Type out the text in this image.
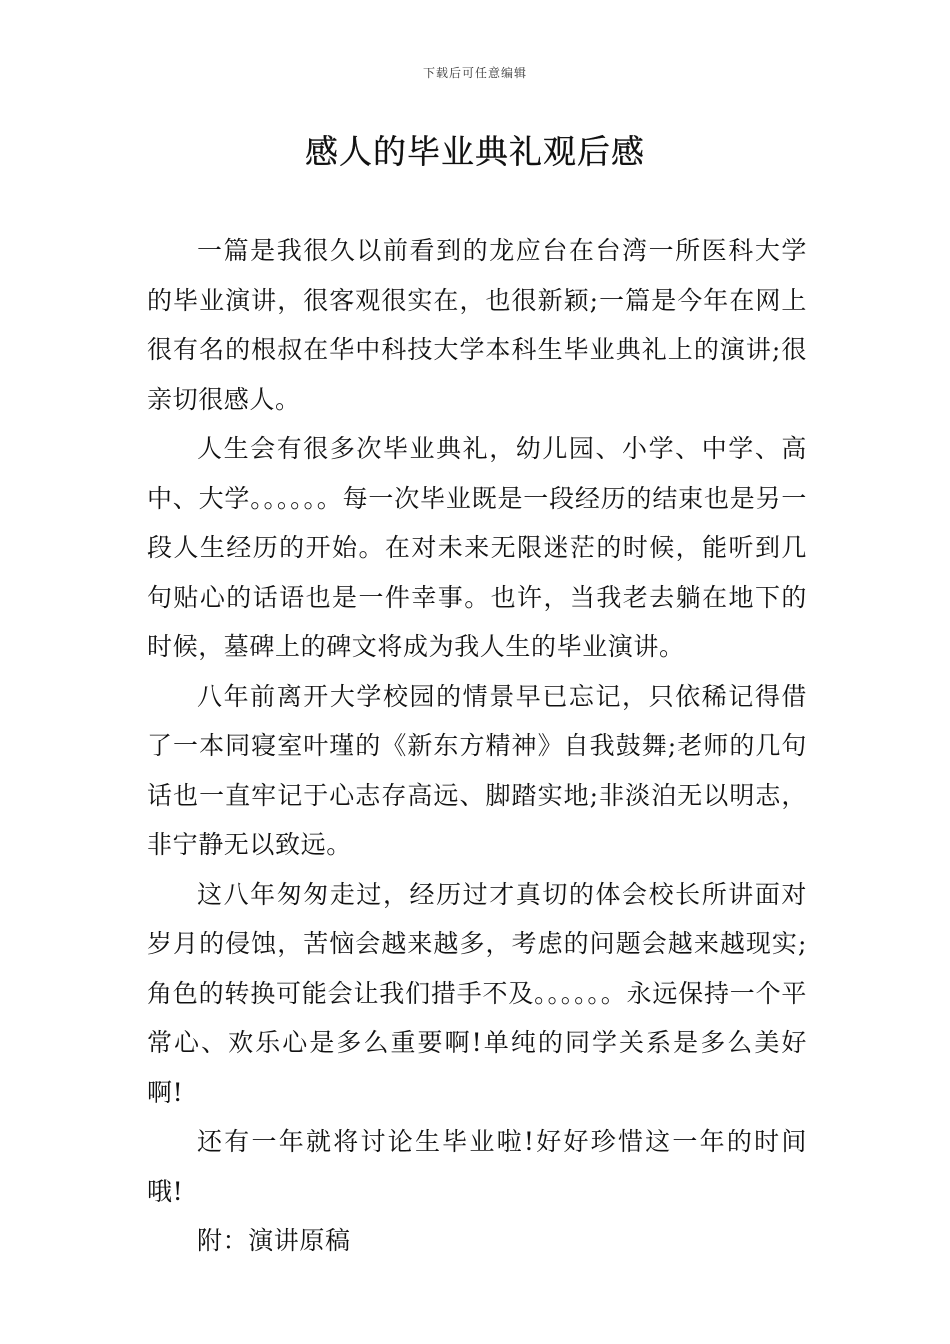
下载后可任意编辑
感人的毕业典礼观后感

一篇是我很久以前看到的龙应台在台湾一所医科大学的毕业演讲，很客观很实在，也很新颖;一篇是今年在网上很有名的根叔在华中科技大学本科生毕业典礼上的演讲;很亲切很感人。

人生会有很多次毕业典礼，幼儿园、小学、中学、高中、大学。。。。。。每一次毕业既是一段经历的结束也是另一段人生经历的开始。在对未来无限迷茫的时候，能听到几句贴心的话语也是一件幸事。也许，当我老去躺在地下的时候，墓碑上的碑文将成为我人生的毕业演讲。

八年前离开大学校园的情景早已忘记，只依稀记得借了一本同寝室叶瑾的《新东方精神》自我鼓舞;老师的几句话也一直牢记于心志存高远、脚踏实地;非淡泊无以明志，非宁静无以致远。

这八年匆匆走过，经历过才真切的体会校长所讲面对岁月的侵蚀，苦恼会越来越多，考虑的问题会越来越现实;角色的转换可能会让我们措手不及。。。。。。永远保持一个平常心、欢乐心是多么重要啊!单纯的同学关系是多么美好啊!

还有一年就将讨论生毕业啦!好好珍惜这一年的时间哦!

附：演讲原稿
